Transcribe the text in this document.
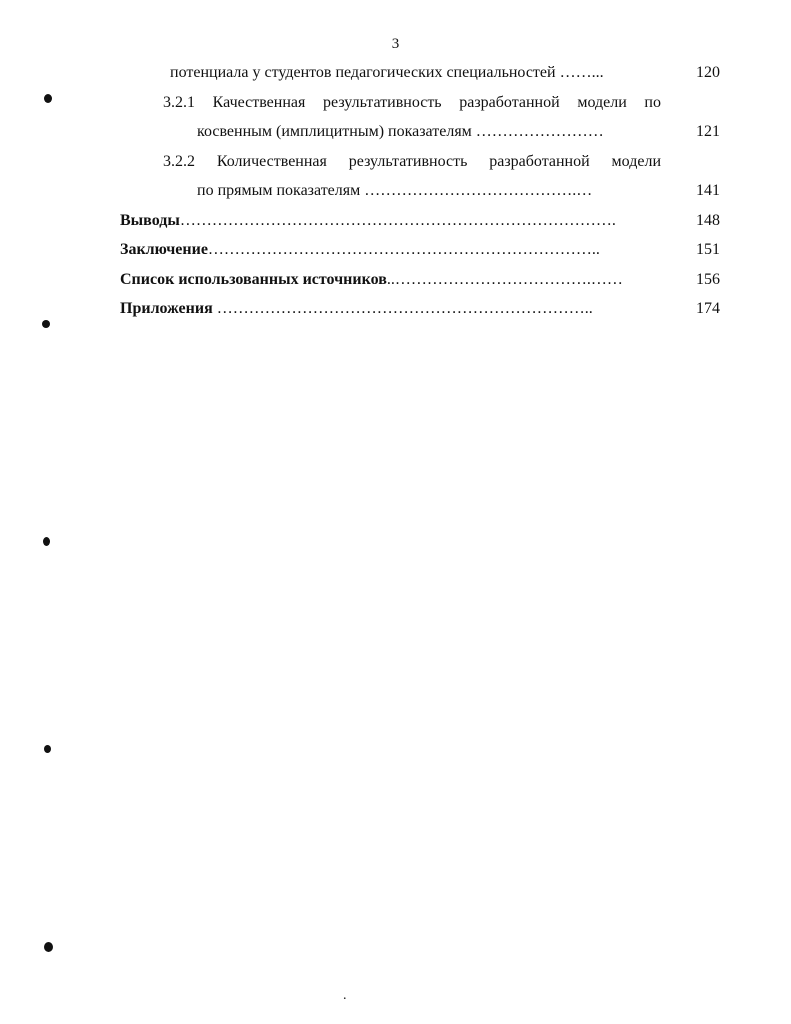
3
потенциала у студентов педагогических специальностей ……...	120
3.2.1 Качественная результативность разработанной модели по
косвенным (имплицитным) показателям ……………………	121
3.2.2 Количественная результативность разработанной модели
по прямым показателям ………………………………….…	141
Выводы……………………………………………………………………….	148
Заключение………………………………………………………………..	151
Список использованных источников..……………………………….……	156
Приложения ……………………………………………………………..	174
.
